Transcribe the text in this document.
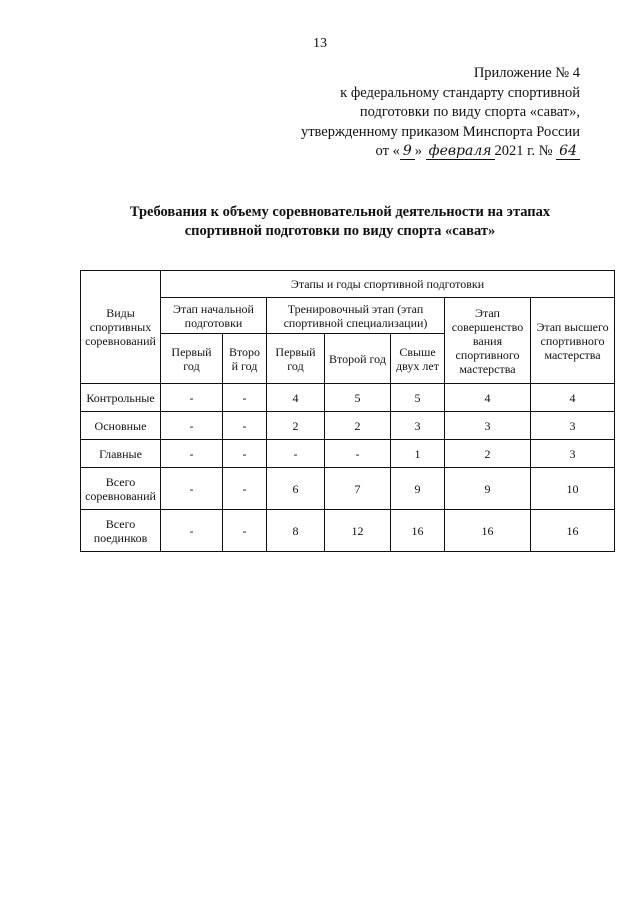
13
Приложение № 4
к федеральному стандарту спортивной
подготовки по виду спорта «сават»,
утвержденному приказом Минспорта России
от « 9 » февраля 2021 г. № 64
Требования к объему соревновательной деятельности на этапах
спортивной подготовки по виду спорта «сават»
Виды спортивных соревнований	Этапы и годы спортивной подготовки						
	Этап начальной подготовки		Тренировочный этап (этап спортивной специализации)			Этап совершенство вания спортивного мастерства	Этап высшего спортивного мастерства
	Первый год	Второ й год	Первый год	Второй год	Свыше двух лет		
Контрольные	-	-	4	5	5	4	4
Основные	-	-	2	2	3	3	3
Главные	-	-	-	-	1	2	3
Всего соревнований	-	-	6	7	9	9	10
Всего поединков	-	-	8	12	16	16	16
